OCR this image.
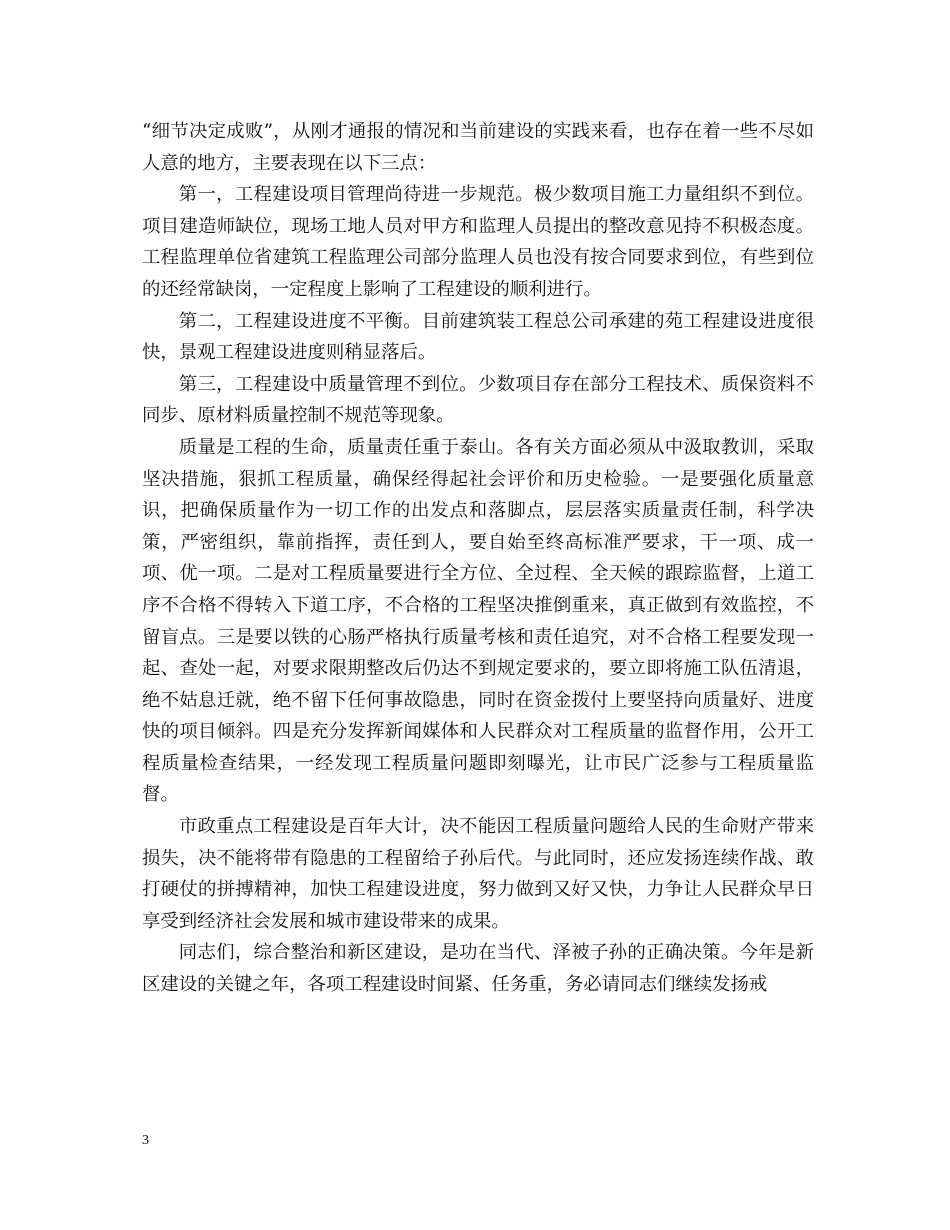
“细节决定成败”，从刚才通报的情况和当前建设的实践来看，也存在着一些不尽如人意的地方，主要表现在以下三点：

第一，工程建设项目管理尚待进一步规范。极少数项目施工力量组织不到位。项目建造师缺位，现场工地人员对甲方和监理人员提出的整改意见持不积极态度。工程监理单位省建筑工程监理公司部分监理人员也没有按合同要求到位，有些到位的还经常缺岗，一定程度上影响了工程建设的顺利进行。

第二，工程建设进度不平衡。目前建筑装工程总公司承建的苑工程建设进度很快，景观工程建设进度则稍显落后。

第三，工程建设中质量管理不到位。少数项目存在部分工程技术、质保资料不同步、原材料质量控制不规范等现象。

质量是工程的生命，质量责任重于泰山。各有关方面必须从中汲取教训，采取坚决措施，狠抓工程质量，确保经得起社会评价和历史检验。一是要强化质量意识，把确保质量作为一切工作的出发点和落脚点，层层落实质量责任制，科学决策，严密组织，靠前指挥，责任到人，要自始至终高标准严要求，干一项、成一项、优一项。二是对工程质量要进行全方位、全过程、全天候的跟踪监督，上道工序不合格不得转入下道工序，不合格的工程坚决推倒重来，真正做到有效监控，不留盲点。三是要以铁的心肠严格执行质量考核和责任追究，对不合格工程要发现一起、查处一起，对要求限期整改后仍达不到规定要求的，要立即将施工队伍清退，绝不姑息迁就，绝不留下任何事故隐患，同时在资金拨付上要坚持向质量好、进度快的项目倾斜。四是充分发挥新闻媒体和人民群众对工程质量的监督作用，公开工程质量检查结果，一经发现工程质量问题即刻曝光，让市民广泛参与工程质量监督。

市政重点工程建设是百年大计，决不能因工程质量问题给人民的生命财产带来损失，决不能将带有隐患的工程留给子孙后代。与此同时，还应发扬连续作战、敢打硬仗的拼搏精神，加快工程建设进度，努力做到又好又快，力争让人民群众早日享受到经济社会发展和城市建设带来的成果。

同志们，综合整治和新区建设，是功在当代、泽被子孙的正确决策。今年是新区建设的关键之年，各项工程建设时间紧、任务重，务必请同志们继续发扬戒

3
